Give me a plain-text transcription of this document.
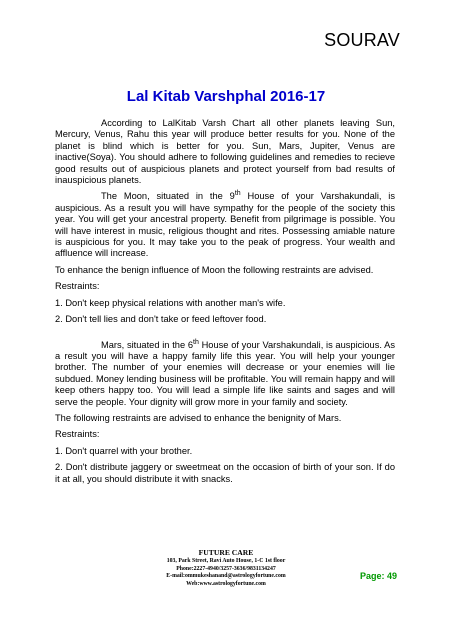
SOURAV
Lal Kitab Varshphal 2016-17

According to LalKitab Varsh Chart all other planets leaving Sun, Mercury, Venus, Rahu this year will produce better results for you. None of the planet is blind which is better for you. Sun, Mars, Jupiter, Venus are inactive(Soya). You should adhere to following guidelines and remedies to recieve good results out of auspicious planets and protect yourself from bad results of inauspicious planets.

The Moon, situated in the 9th House of your Varshakundali, is auspicious. As a result you will have sympathy for the people of the society this year. You will get your ancestral property. Benefit from pilgrimage is possible. You will have interest in music, religious thought and rites. Possessing amiable nature is auspicious for you. It may take you to the peak of progress. Your wealth and affluence will increase.

To enhance the benign influence of Moon the following restraints are advised.

Restraints:

1. Don't keep physical relations with another man's wife.

2. Don't tell lies and don't take or feed leftover food.

Mars, situated in the 6th House of your Varshakundali, is auspicious. As a result you will have a happy family life this year. You will help your younger brother. The number of your enemies will decrease or your enemies will lie subdued. Money lending business will be profitable. You will remain happy and will keep others happy too. You will lead a simple life like saints and sages and will serve the people. Your dignity will grow more in your family and society.

The following restraints are advised to enhance the benignity of Mars.

Restraints:

1. Don't quarrel with your brother.

2. Don't distribute jaggery or sweetmeat on the occasion of birth of your son. If do it at all, you should distribute it with snacks.

FUTURE CARE
103, Park Street, Ravi Auto House, 1-C 1st floor
Phone:2227-4940/3257-3636/9831134247
E-mail:ommukeshanand@astrologyfortune.com
Web:www.astrologyfortune.com
Page: 49
